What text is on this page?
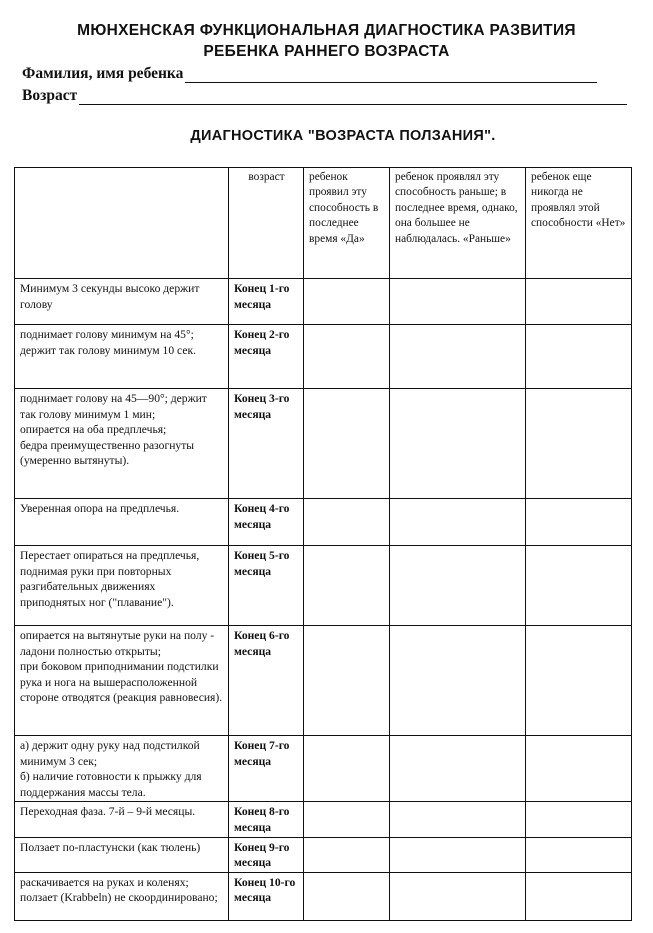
МЮНХЕНСКАЯ ФУНКЦИОНАЛЬНАЯ ДИАГНОСТИКА РАЗВИТИЯ
РЕБЕНКА РАННЕГО ВОЗРАСТА
Фамилия, имя ребенка
Возраст
ДИАГНОСТИКА "ВОЗРАСТА ПОЛЗАНИЯ".
	возраст	ребенок проявил эту способность в последнее время «Да»	ребенок проявлял эту способность раньше; в последнее время, однако, она большее не наблюдалась. «Раньше»	ребенок еще никогда не проявлял этой способности «Нет»
Минимум 3 секунды высоко держит голову	Конец 1-го месяца			
поднимает голову минимум на 45°;
держит так голову минимум 10 сек.	Конец 2-го месяца			
поднимает голову на 45—90°; держит так голову минимум 1 мин;
опирается на оба предплечья;
бедра преимущественно разогнуты (умеренно вытянуты).	Конец 3-го месяца			
Уверенная опора на предплечья.	Конец 4-го месяца			
Перестает опираться на предплечья, поднимая руки при повторных разгибательных движениях приподнятых ног ("плавание").	Конец 5-го месяца			
опирается на вытянутые руки на полу - ладони полностью открыты;
при боковом приподнимании подстилки рука и нога на вышерасположенной стороне отводятся (реакция равновесия).	Конец 6-го месяца			
а) держит одну руку над подстилкой минимум 3 сек;
б) наличие готовности к прыжку для поддержания массы тела.	Конец 7-го месяца			
Переходная фаза. 7-й – 9-й месяцы.	Конец 8-го месяца			
Ползает по-пластунски (как тюлень)	Конец 9-го месяца			
раскачивается на руках и коленях; ползает (Krabbeln) не скоординировано;	Конец 10-го месяца			
